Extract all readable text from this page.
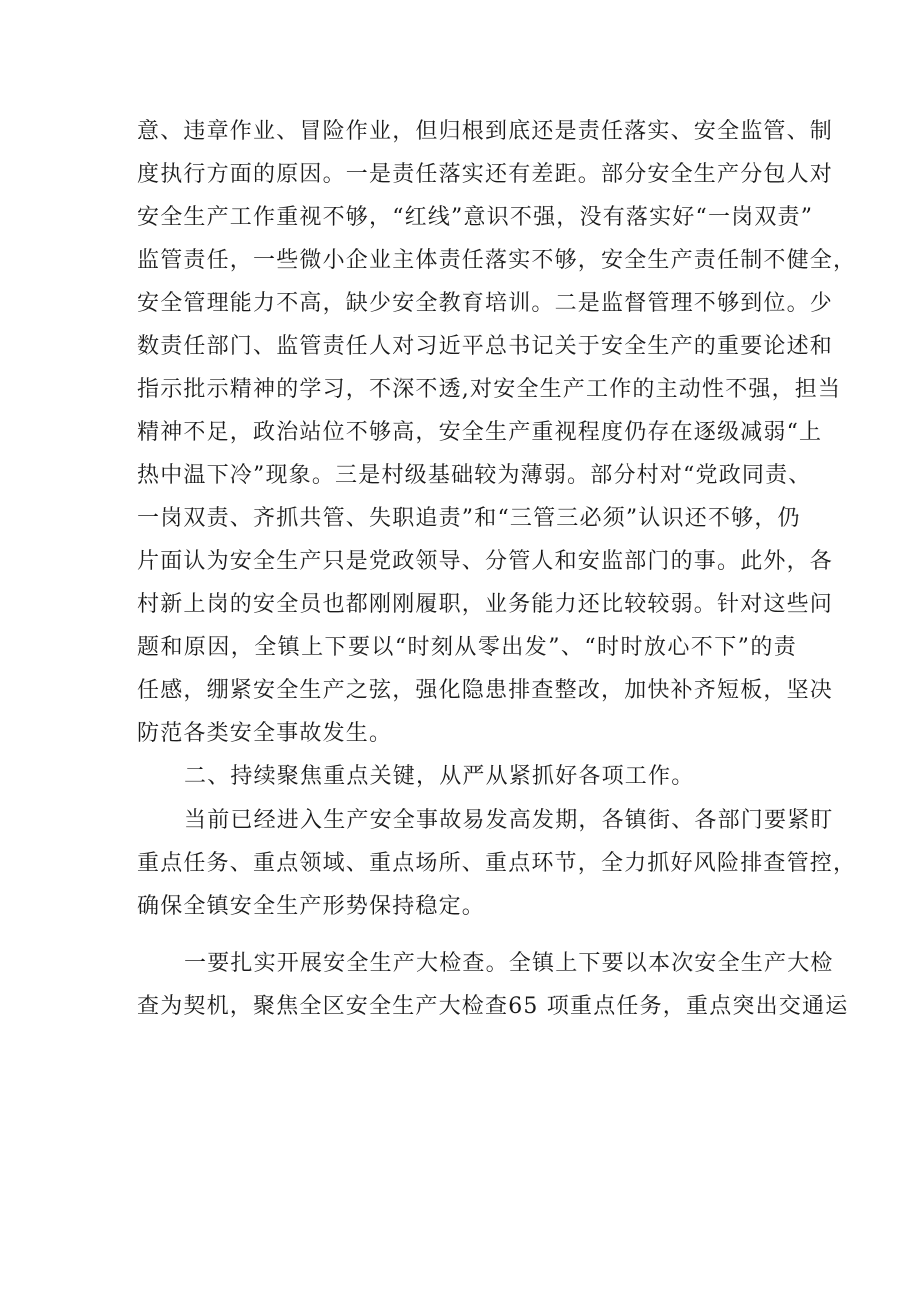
意、违章作业、冒险作业，但归根到底还是责任落实、安全监管、制
度执行方面的原因。一是责任落实还有差距。部分安全生产分包人对
安全生产工作重视不够，“红线”意识不强，没有落实好“一岗双责”
监管责任，一些微小企业主体责任落实不够，安全生产责任制不健全，
安全管理能力不高，缺少安全教育培训。二是监督管理不够到位。少
数责任部门、监管责任人对习近平总书记关于安全生产的重要论述和
指示批示精神的学习，不深不透,对安全生产工作的主动性不强，担当
精神不足，政治站位不够高，安全生产重视程度仍存在逐级减弱“上
热中温下冷”现象。三是村级基础较为薄弱。部分村对“党政同责、
一岗双责、齐抓共管、失职追责”和“三管三必须”认识还不够，仍
片面认为安全生产只是党政领导、分管人和安监部门的事。此外，各
村新上岗的安全员也都刚刚履职，业务能力还比较较弱。针对这些问
题和原因，全镇上下要以“时刻从零出发”、“时时放心不下”的责
任感，绷紧安全生产之弦，强化隐患排查整改，加快补齐短板，坚决
防范各类安全事故发生。
二、持续聚焦重点关键，从严从紧抓好各项工作。
当前已经进入生产安全事故易发高发期，各镇街、各部门要紧盯
重点任务、重点领域、重点场所、重点环节，全力抓好风险排查管控，
确保全镇安全生产形势保持稳定。
一要扎实开展安全生产大检查。全镇上下要以本次安全生产大检
查为契机，聚焦全区安全生产大检查65 项重点任务，重点突出交通运
